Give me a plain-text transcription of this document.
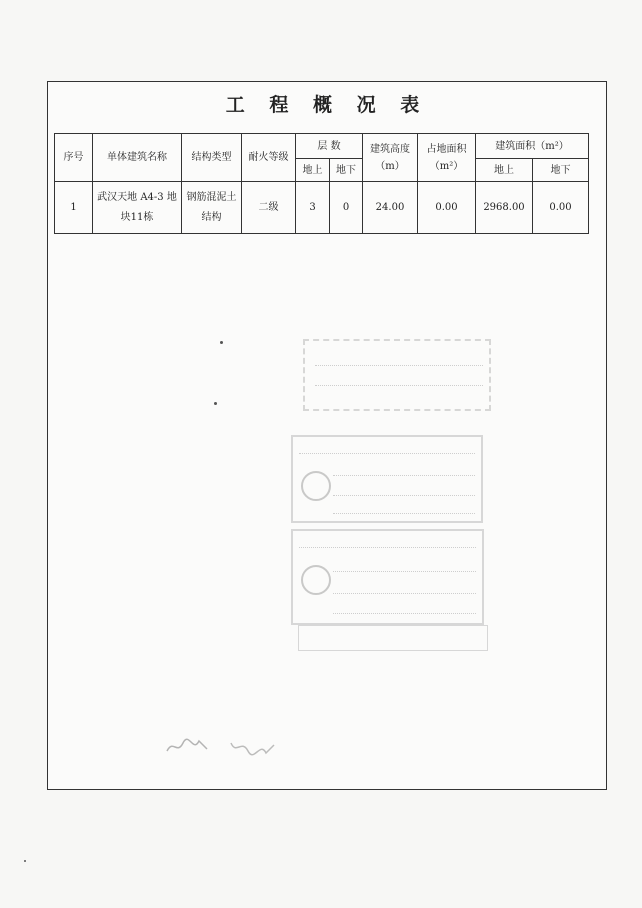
工 程 概 况 表
序号	单体建筑名称	结构类型	耐火等级	层 数		建筑高度（m）	占地面积（m²）	建筑面积（m²）	
				地上	地下			地上	地下
1	武汉天地 A4-3 地块11栋	钢筋混泥土结构	二级	3	0	24.00	0.00	2968.00	0.00
